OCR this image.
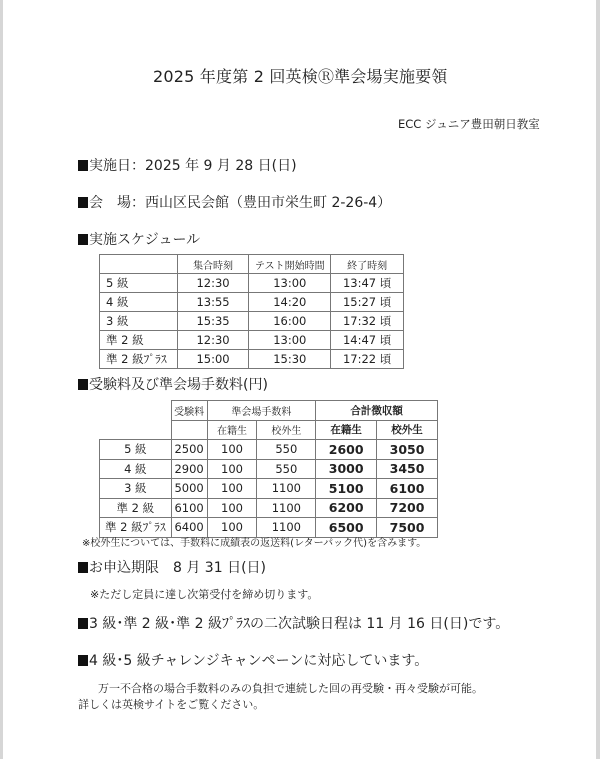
2025 年度第 2 回英検Ⓡ準会場実施要領
ECC ジュニア豊田朝日教室
実施日：2025 年 9 月 28 日(日)
会　場：西山区民会館（豊田市栄生町 2-26-4）
実施スケジュール
	集合時刻	テスト開始時間	終了時刻
5 級	12:30	13:00	13:47 頃
4 級	13:55	14:20	15:27 頃
3 級	15:35	16:00	17:32 頃
準 2 級	12:30	13:00	14:47 頃
準 2 級ﾌﾟﾗｽ	15:00	15:30	17:22 頃
受験料及び準会場手数料(円)
	受験料	準会場手数料		合計徴収額	
		在籍生	校外生	在籍生	校外生
5 級	2500	100	550	2600	3050
4 級	2900	100	550	3000	3450
3 級	5000	100	1100	5100	6100
準 2 級	6100	100	1100	6200	7200
準 2 級ﾌﾟﾗｽ	6400	100	1100	6500	7500
※校外生については、手数料に成績表の返送料(レターパック代)を含みます。
お申込期限　8 月 31 日(日)
※ただし定員に達し次第受付を締め切ります。
3 級･準 2 級･準 2 級ﾌﾟﾗｽの二次試験日程は 11 月 16 日(日)です。
4 級･5 級チャレンジキャンペーンに対応しています。
万一不合格の場合手数料のみの負担で連続した回の再受験・再々受験が可能。
詳しくは英検サイトをご覧ください。
